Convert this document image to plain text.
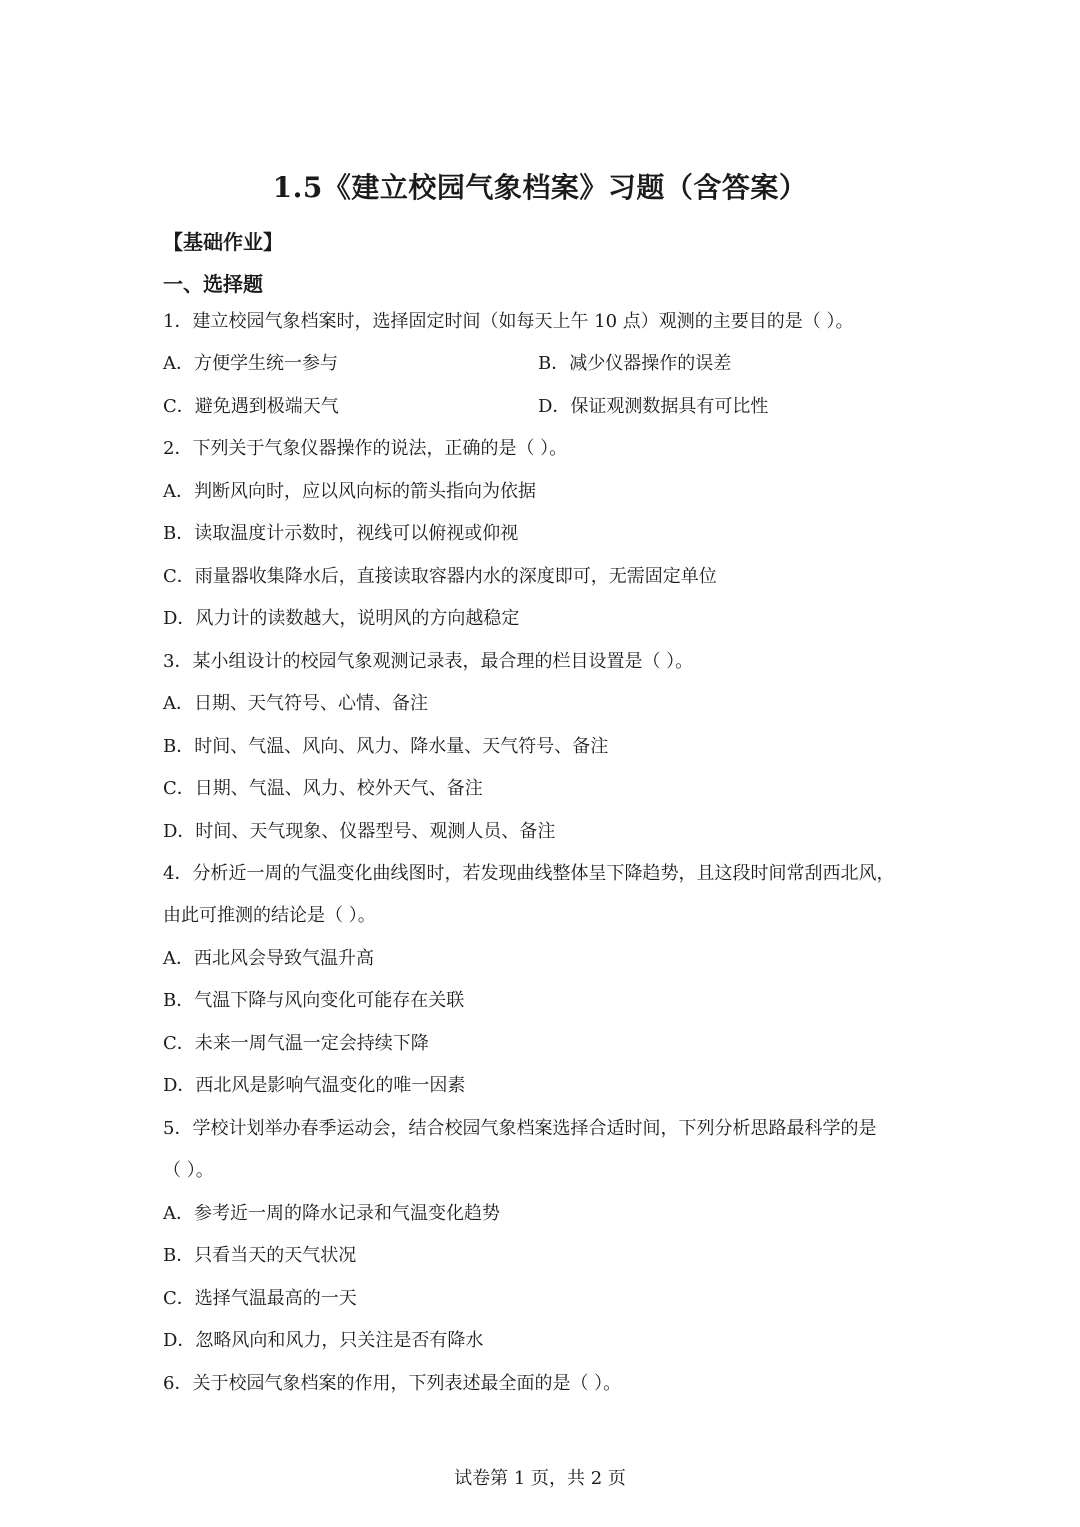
1.5《建立校园气象档案》习题（含答案）
【基础作业】
一、选择题
1．建立校园气象档案时，选择固定时间（如每天上午 10 点）观测的主要目的是（ ）。
A．方便学生统一参与	B．减少仪器操作的误差
C．避免遇到极端天气	D．保证观测数据具有可比性
2．下列关于气象仪器操作的说法，正确的是（ ）。
A．判断风向时，应以风向标的箭头指向为依据
B．读取温度计示数时，视线可以俯视或仰视
C．雨量器收集降水后，直接读取容器内水的深度即可，无需固定单位
D．风力计的读数越大，说明风的方向越稳定
3．某小组设计的校园气象观测记录表，最合理的栏目设置是（ ）。
A．日期、天气符号、心情、备注
B．时间、气温、风向、风力、降水量、天气符号、备注
C．日期、气温、风力、校外天气、备注
D．时间、天气现象、仪器型号、观测人员、备注
4．分析近一周的气温变化曲线图时，若发现曲线整体呈下降趋势，且这段时间常刮西北风，
由此可推测的结论是（ ）。
A．西北风会导致气温升高
B．气温下降与风向变化可能存在关联
C．未来一周气温一定会持续下降
D．西北风是影响气温变化的唯一因素
5．学校计划举办春季运动会，结合校园气象档案选择合适时间，下列分析思路最科学的是
（ ）。
A．参考近一周的降水记录和气温变化趋势
B．只看当天的天气状况
C．选择气温最高的一天
D．忽略风向和风力，只关注是否有降水
6．关于校园气象档案的作用，下列表述最全面的是（ ）。
试卷第 1 页，共 2 页
